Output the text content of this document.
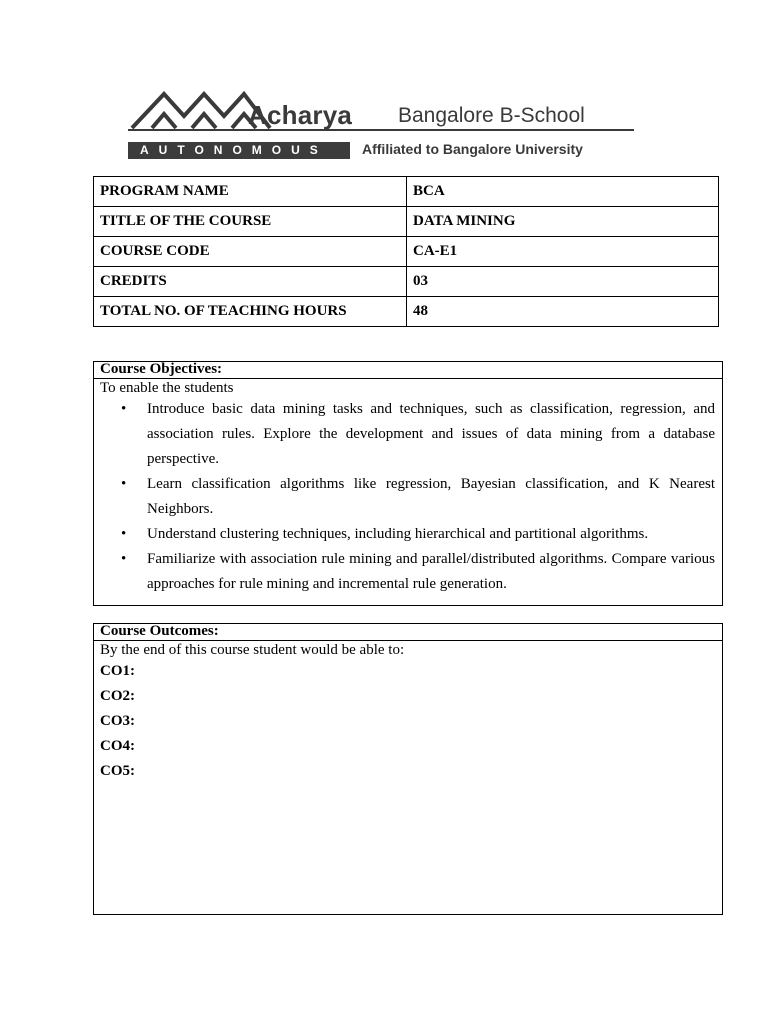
Acharya Bangalore B-School
AUTONOMOUS	Affiliated to Bangalore University
PROGRAM NAME	BCA
TITLE OF THE COURSE	DATA MINING
COURSE CODE	CA-E1
CREDITS	03
TOTAL NO. OF TEACHING HOURS	48
Course Objectives:
To enable the students
• Introduce basic data mining tasks and techniques, such as classification, regression, and association rules. Explore the development and issues of data mining from a database perspective.
• Learn classification algorithms like regression, Bayesian classification, and K Nearest Neighbors.
• Understand clustering techniques, including hierarchical and partitional algorithms.
• Familiarize with association rule mining and parallel/distributed algorithms. Compare various approaches for rule mining and incremental rule generation.
Course Outcomes:
By the end of this course student would be able to:
CO1:
CO2:
CO3:
CO4:
CO5:
